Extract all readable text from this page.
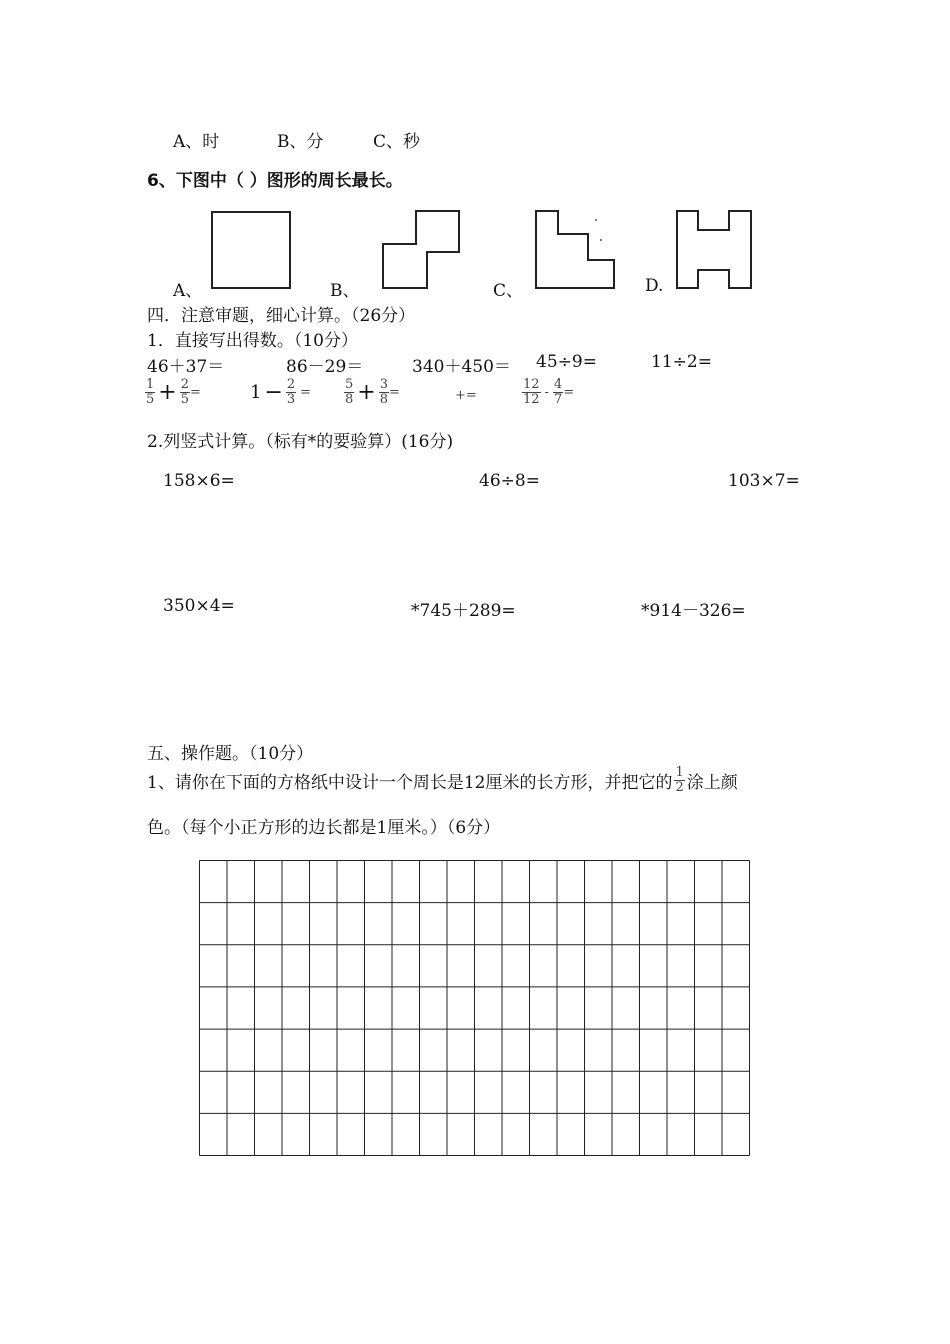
A、时	B、分	C、秒
6、下图中（ ）图形的周长最长。
A、	B、	C、	D.
四．注意审题，细心计算。（26分）
1．直接写出得数。（10分）
46＋37＝	86－29＝	340＋450＝ 45÷9=	11÷2=
$\frac{1}{5} + \frac{2}{5}$ =	$1 - \frac{2}{3}$ =	$\frac{5}{8} + \frac{3}{8}$ =	+=	$\frac{12}{12} - \frac{4}{7}$ =
2.列竖式计算。（标有*的要验算）(16分)
158×6=	46÷8=	103×7=
350×4=	*745＋289=	*914－326=
五、操作题。（10分）
1、请你在下面的方格纸中设计一个周长是12厘米的长方形，并把它的 $\frac{1}{2}$ 涂上颜
色。（每个小正方形的边长都是1厘米。）（6分）
